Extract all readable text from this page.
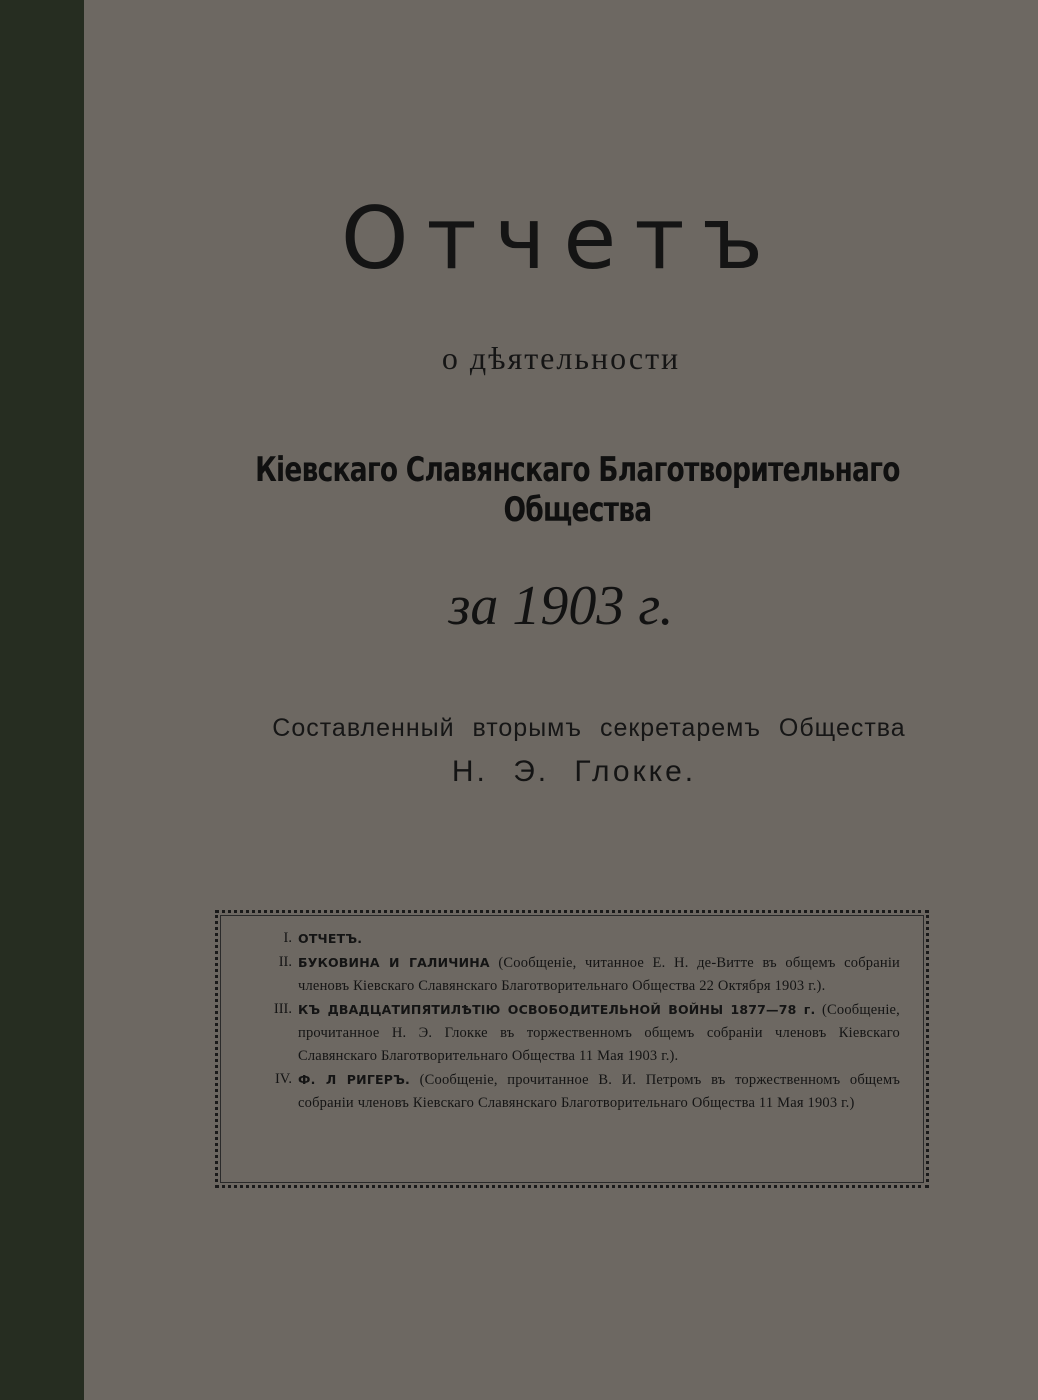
Отчетъ
о дѣятельности
Кіевскаго Славянскаго Благотворительнаго Общества
за 1903 г.
Составленный вторымъ секретаремъ Общества
Н. Э. Глокке.
I. ОТЧЕТЪ.
II. БУКОВИНА И ГАЛИЧИНА (Сообщеніе, читанное Е. Н. де-Витте въ общемъ собраніи членовъ Кіевскаго Славянскаго Благотворительнаго Общества 22 Октября 1903 г.).
III. КЪ ДВАДЦАТИПЯТИЛѢТІЮ ОСВОБОДИТЕЛЬНОЙ ВОЙНЫ 1877—78 г. (Сообщеніе, прочитанное Н. Э. Глокке въ торжественномъ общемъ собраніи членовъ Кіевскаго Славянскаго Благотворительнаго Общества 11 Мая 1903 г.).
IV. Ф. Л РИГЕРЪ. (Сообщеніе, прочитанное В. И. Петромъ въ торжественномъ общемъ собраніи членовъ Кіевскаго Славянскаго Благотворительнаго Общества 11 Мая 1903 г.)
